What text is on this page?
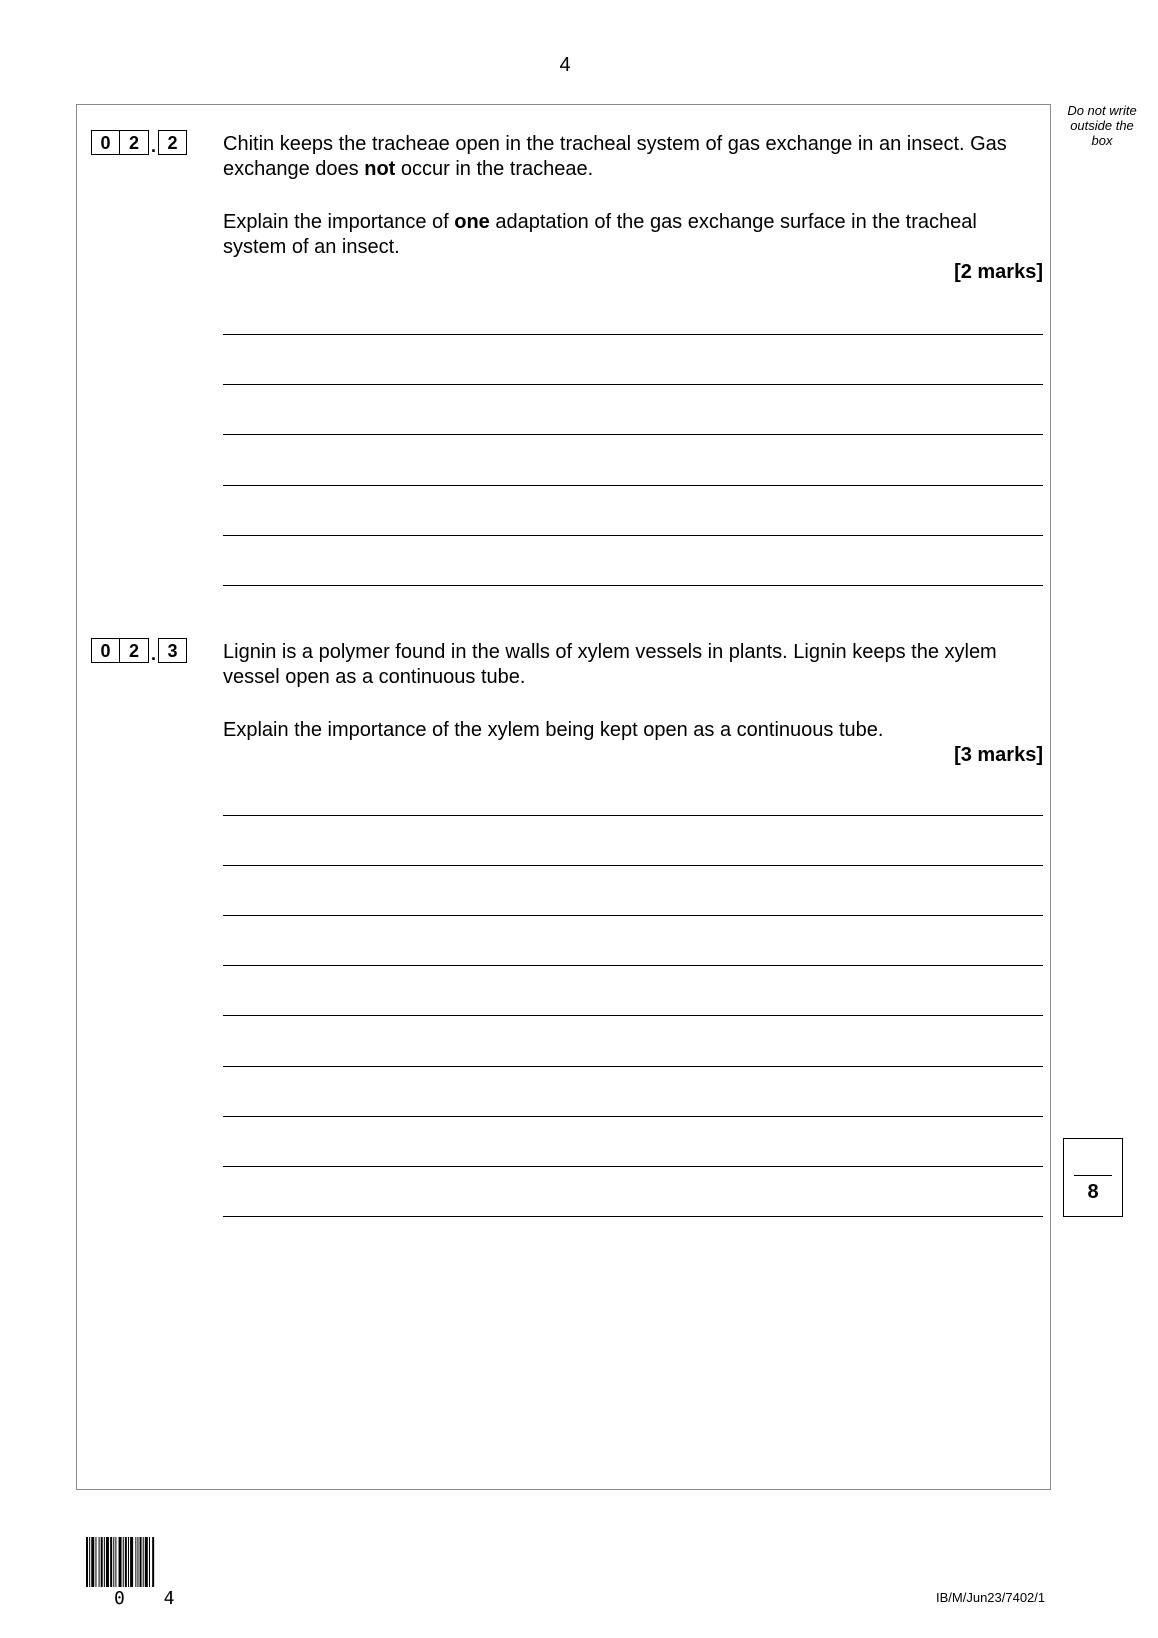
4
Do not write outside the box
0	2 . 2	Chitin keeps the tracheae open in the tracheal system of gas exchange in an insect. Gas exchange does not occur in the tracheae.

Explain the importance of one adaptation of the gas exchange surface in the tracheal system of an insect.

[2 marks]
0	2 . 3	Lignin is a polymer found in the walls of xylem vessels in plants. Lignin keeps the xylem vessel open as a continuous tube.

Explain the importance of the xylem being kept open as a continuous tube.

[3 marks]
8
0 4	IB/M/Jun23/7402/1
